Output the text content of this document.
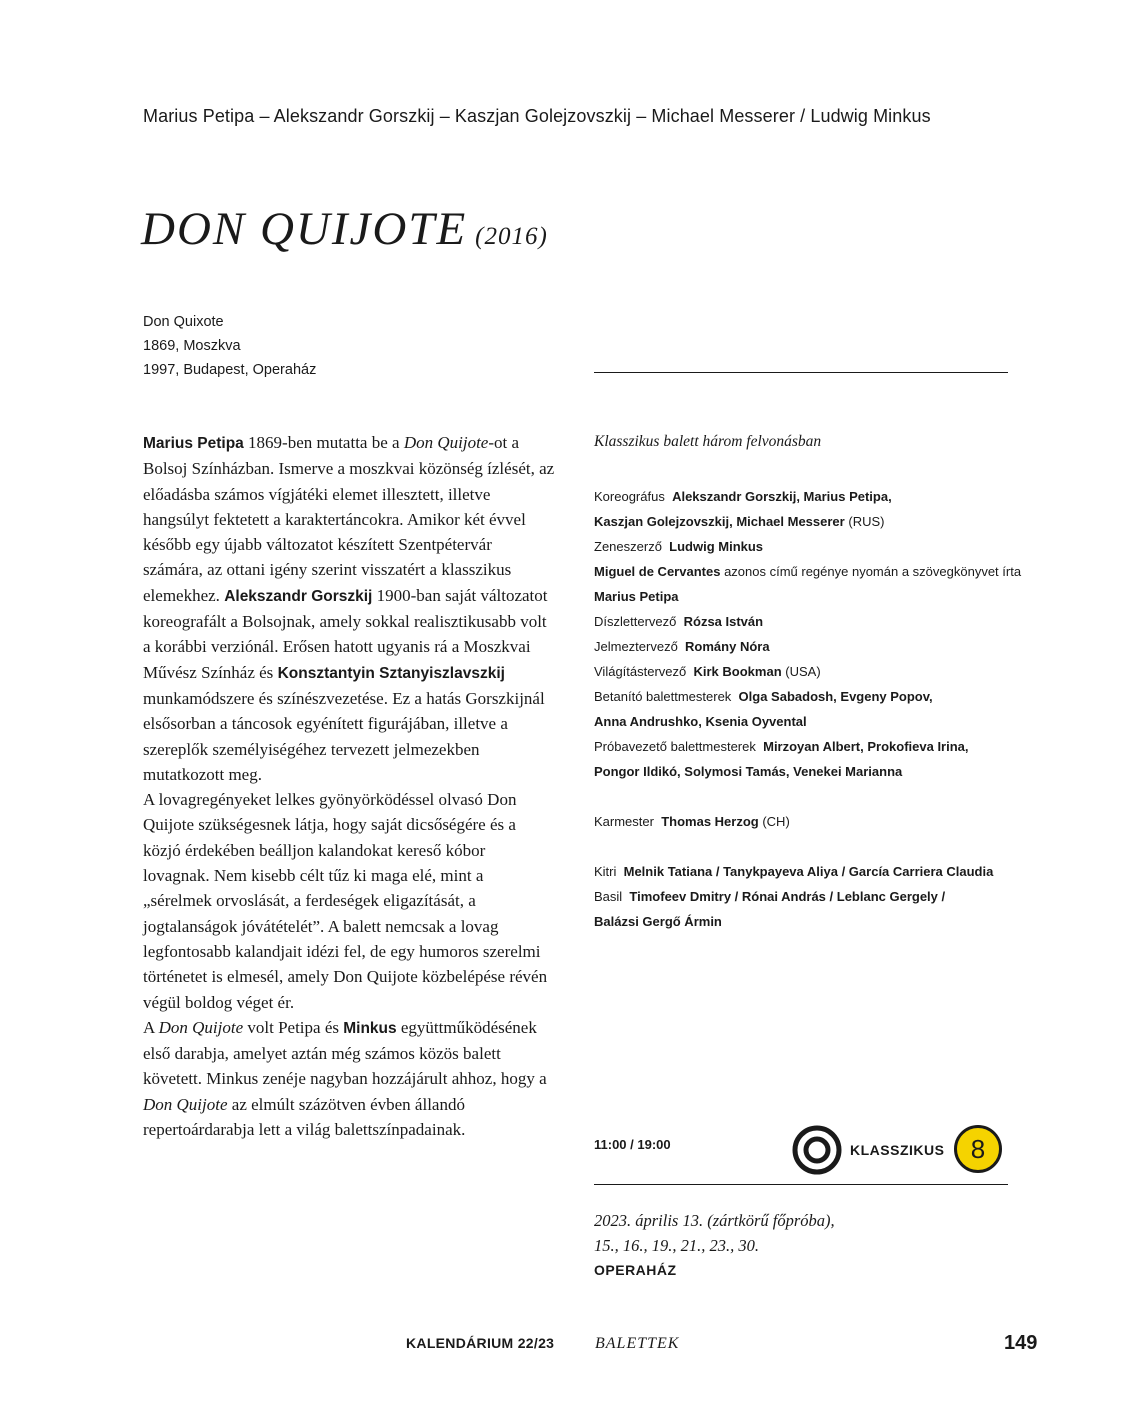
Marius Petipa – Alekszandr Gorszkij – Kaszjan Golejzovszkij – Michael Messerer / Ludwig Minkus
DON QUIJOTE (2016)
Don Quixote
1869, Moszkva
1997, Budapest, Operaház

Marius Petipa 1869-ben mutatta be a Don Quijote-ot a Bolsoj Színházban. Ismerve a moszkvai közönség ízlését, az előadásba számos vígjátéki elemet illesztett, illetve hangsúlyt fektetett a karaktertáncokra. Amikor két évvel később egy újabb változatot készített Szentpétervár számára, az ottani igény szerint visszatért a klasszikus elemekhez. Alekszandr Gorszkij 1900-ban saját változatot koreografált a Bolsojnak, amely sokkal realisztikusabb volt a korábbi verziónál. Erősen hatott ugyanis rá a Moszkvai Művész Színház és Konsztantyin Sztanyiszlavszkij munkamódszere és színészvezetése. Ez a hatás Gorszkijnál elsősorban a táncosok egyénített figurájában, illetve a szereplők személyiségéhez tervezett jelmezekben mutatkozott meg.

A lovagregényeket lelkes gyönyörködéssel olvasó Don Quijote szükségesnek látja, hogy saját dicsőségére és a közjó érdekében beálljon kalandokat kereső kóbor lovagnak. Nem kisebb célt tűz ki maga elé, mint a „sérelmek orvoslását, a ferdeségek eligazítását, a jogtalanságok jóvátételét”. A balett nemcsak a lovag legfontosabb kalandjait idézi fel, de egy humoros szerelmi történetet is elmesél, amely Don Quijote közbelépése révén végül boldog véget ér.

A Don Quijote volt Petipa és Minkus együttműködésének első darabja, amelyet aztán még számos közös balett követett. Minkus zenéje nagyban hozzájárult ahhoz, hogy a Don Quijote az elmúlt százötven évben állandó repertoárdarabja lett a világ balettszínpadainak.

Klasszikus balett három felvonásban
Koreográfus Alekszandr Gorszkij, Marius Petipa,
Kaszjan Golejzovszkij, Michael Messerer (RUS)
Zeneszerző Ludwig Minkus
Miguel de Cervantes azonos című regénye nyomán a szövegkönyvet írta
Marius Petipa
Díszlettervező Rózsa István
Jelmeztervező Romány Nóra
Világítástervező Kirk Bookman (USA)
Betanító balettmesterek Olga Sabadosh, Evgeny Popov,
Anna Andrushko, Ksenia Oyvental
Próbavezető balettmesterek Mirzoyan Albert, Prokofieva Irina,
Pongor Ildikó, Solymosi Tamás, Venekei Marianna
Karmester Thomas Herzog (CH)
Kitri Melnik Tatiana / Tanykpayeva Aliya / García Carriera Claudia
Basil Timofeev Dmitry / Rónai András / Leblanc Gergely /
Balázsi Gergő Ármin
11:00 / 19:00	KLASSZIKUS	8
2023. április 13. (zártkörű főpróba),
15., 16., 19., 21., 23., 30.
OPERAHÁZ
KALENDÁRIUM 22/23	BALETTEK	149
